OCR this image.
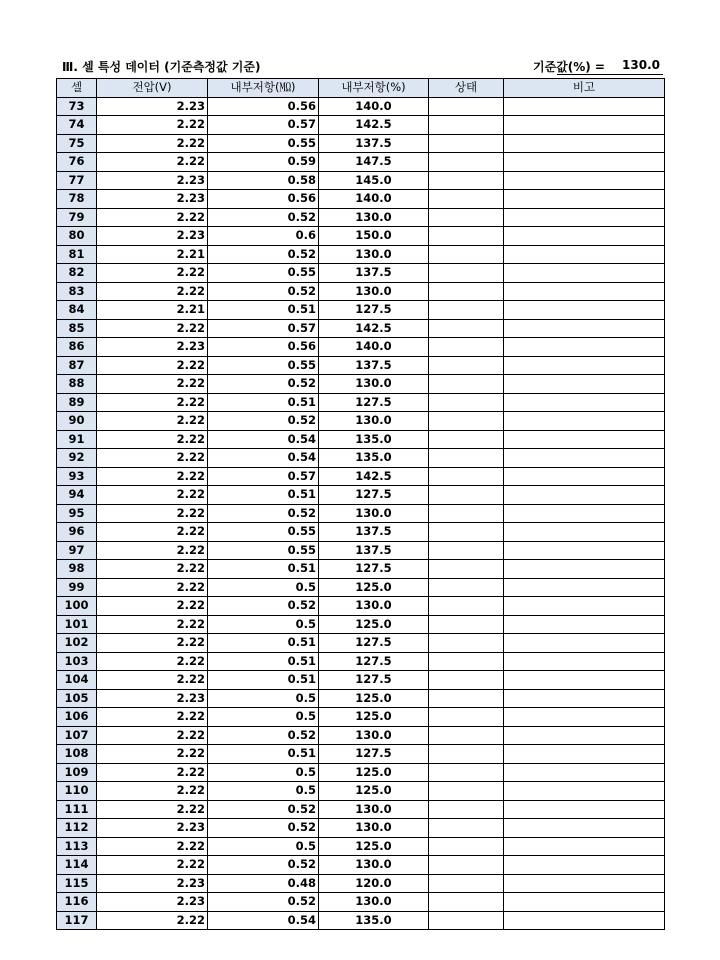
Ⅲ. 셀 특성 데이터 (기준측정값 기준)	기준값(%) =	130.0
셀	전압(V)	내부저항(㏁)	내부저항(%)	상태	비고
73	2.23	0.56	140.0		
74	2.22	0.57	142.5		
75	2.22	0.55	137.5		
76	2.22	0.59	147.5		
77	2.23	0.58	145.0		
78	2.23	0.56	140.0		
79	2.22	0.52	130.0		
80	2.23	0.6	150.0		
81	2.21	0.52	130.0		
82	2.22	0.55	137.5		
83	2.22	0.52	130.0		
84	2.21	0.51	127.5		
85	2.22	0.57	142.5		
86	2.23	0.56	140.0		
87	2.22	0.55	137.5		
88	2.22	0.52	130.0		
89	2.22	0.51	127.5		
90	2.22	0.52	130.0		
91	2.22	0.54	135.0		
92	2.22	0.54	135.0		
93	2.22	0.57	142.5		
94	2.22	0.51	127.5		
95	2.22	0.52	130.0		
96	2.22	0.55	137.5		
97	2.22	0.55	137.5		
98	2.22	0.51	127.5		
99	2.22	0.5	125.0		
100	2.22	0.52	130.0		
101	2.22	0.5	125.0		
102	2.22	0.51	127.5		
103	2.22	0.51	127.5		
104	2.22	0.51	127.5		
105	2.23	0.5	125.0		
106	2.22	0.5	125.0		
107	2.22	0.52	130.0		
108	2.22	0.51	127.5		
109	2.22	0.5	125.0		
110	2.22	0.5	125.0		
111	2.22	0.52	130.0		
112	2.23	0.52	130.0		
113	2.22	0.5	125.0		
114	2.22	0.52	130.0		
115	2.23	0.48	120.0		
116	2.23	0.52	130.0		
117	2.22	0.54	135.0		
